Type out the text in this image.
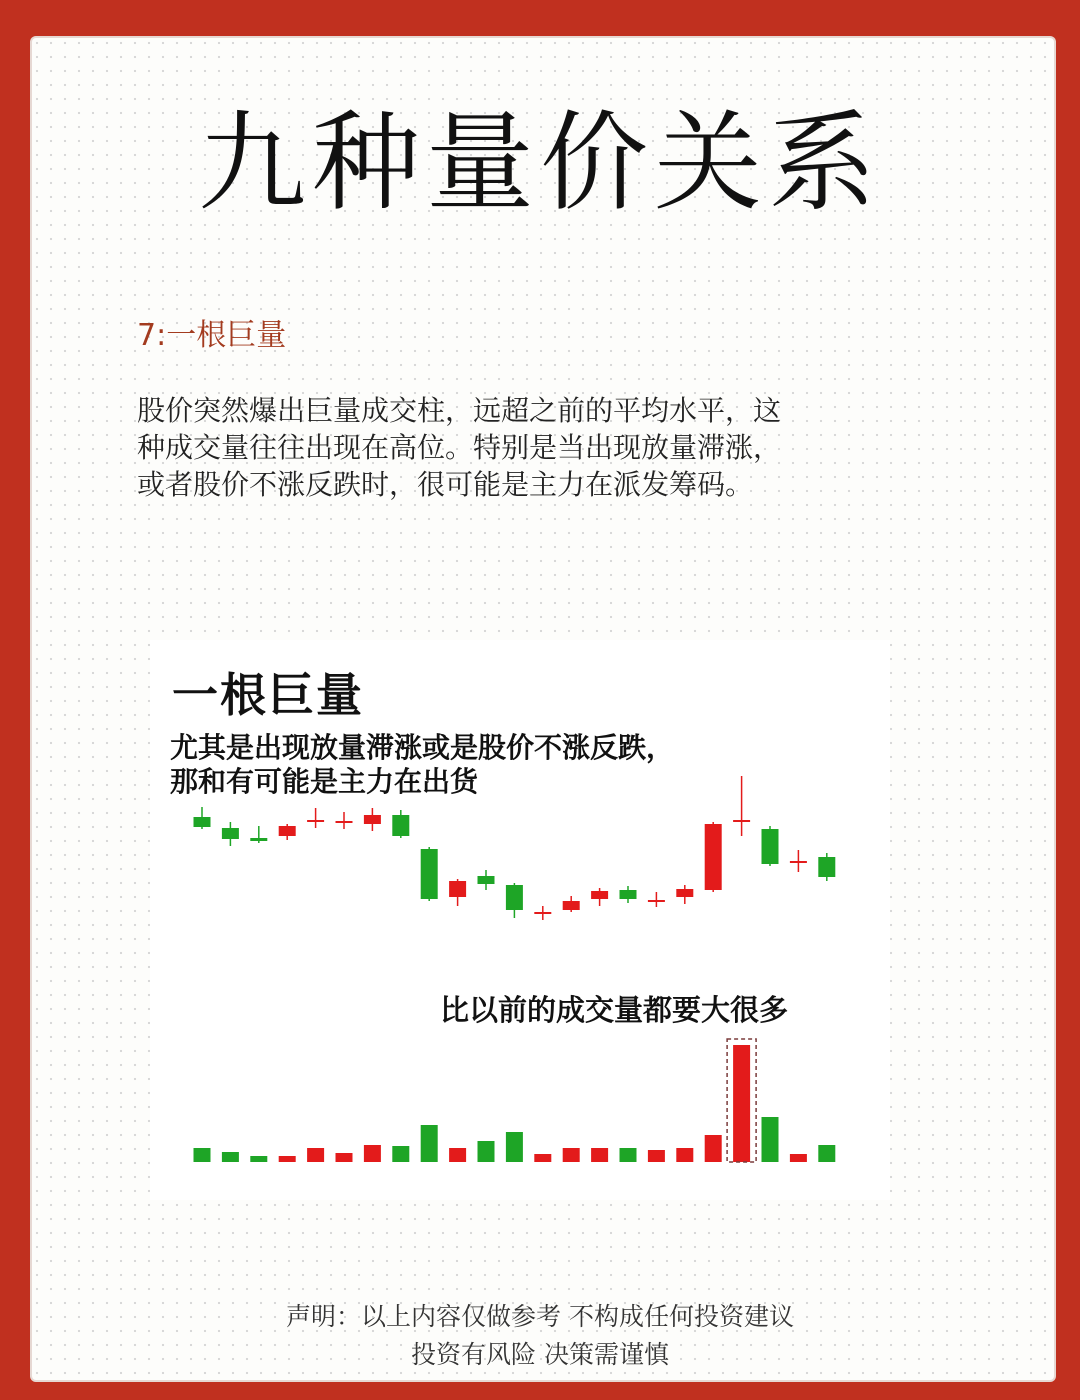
九种量价关系
7:一根巨量

股价突然爆出巨量成交柱，远超之前的平均水平，这种成交量往往出现在高位。特别是当出现放量滞涨，或者股价不涨反跌时，很可能是主力在派发筹码。

一根巨量
尤其是出现放量滞涨或是股价不涨反跌，
那和有可能是主力在出货
比以前的成交量都要大很多
声明：以上内容仅做参考 不构成任何投资建议
投资有风险 决策需谨慎
